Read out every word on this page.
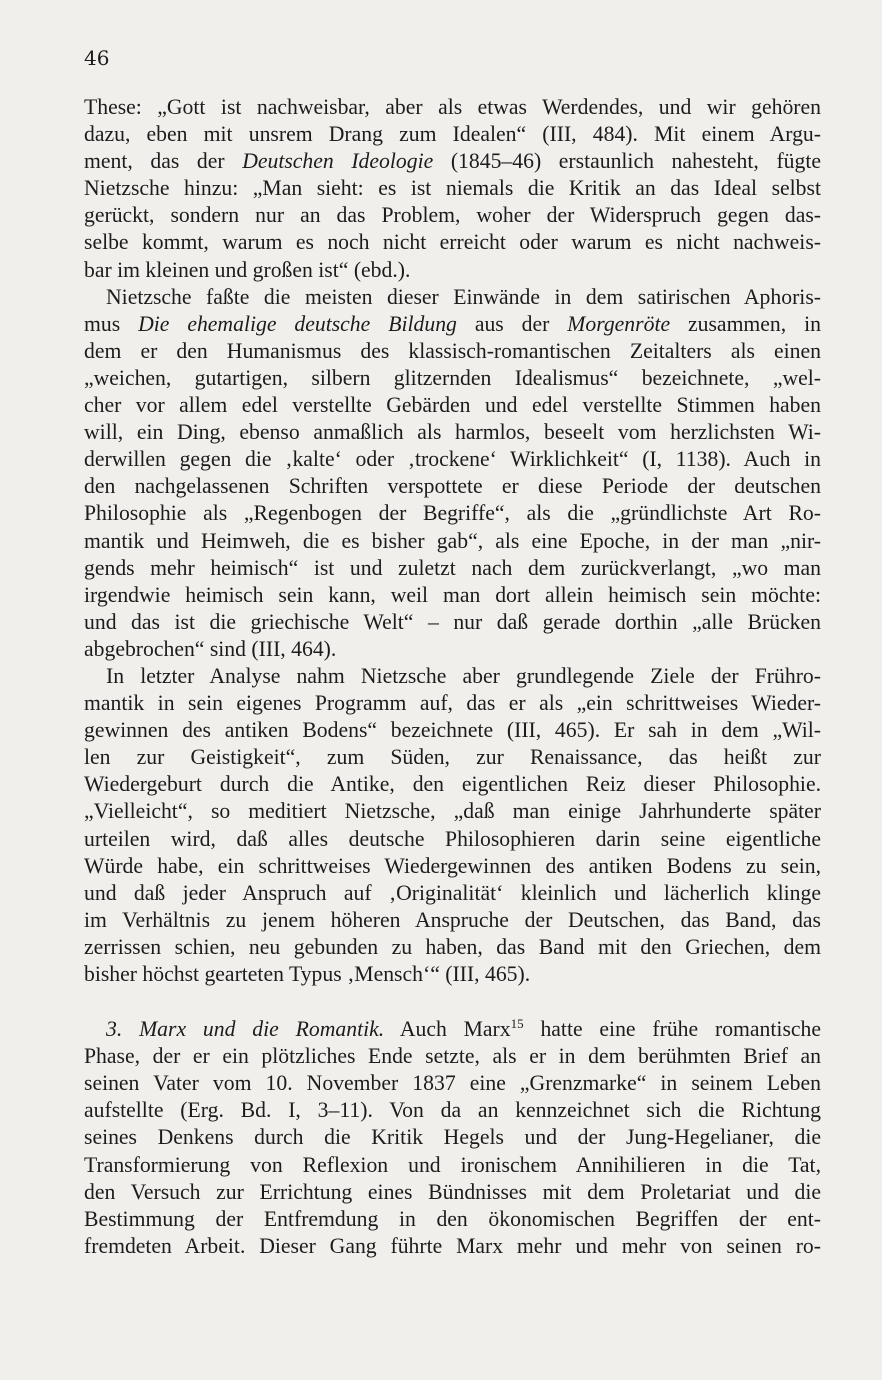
46

These: „Gott ist nachweisbar, aber als etwas Werdendes, und wir gehören
dazu, eben mit unsrem Drang zum Idealen“ (III, 484). Mit einem Argu-
ment, das der Deutschen Ideologie (1845–46) erstaunlich nahesteht, fügte
Nietzsche hinzu: „Man sieht: es ist niemals die Kritik an das Ideal selbst
gerückt, sondern nur an das Problem, woher der Widerspruch gegen das-
selbe kommt, warum es noch nicht erreicht oder warum es nicht nachweis-
bar im kleinen und großen ist“ (ebd.).
Nietzsche faßte die meisten dieser Einwände in dem satirischen Aphoris-
mus Die ehemalige deutsche Bildung aus der Morgenröte zusammen, in
dem er den Humanismus des klassisch-romantischen Zeitalters als einen
„weichen, gutartigen, silbern glitzernden Idealismus“ bezeichnete, „wel-
cher vor allem edel verstellte Gebärden und edel verstellte Stimmen haben
will, ein Ding, ebenso anmaßlich als harmlos, beseelt vom herzlichsten Wi-
derwillen gegen die ‚kalte‘ oder ‚trockene‘ Wirklichkeit“ (I, 1138). Auch in
den nachgelassenen Schriften verspottete er diese Periode der deutschen
Philosophie als „Regenbogen der Begriffe“, als die „gründlichste Art Ro-
mantik und Heimweh, die es bisher gab“, als eine Epoche, in der man „nir-
gends mehr heimisch“ ist und zuletzt nach dem zurückverlangt, „wo man
irgendwie heimisch sein kann, weil man dort allein heimisch sein möchte:
und das ist die griechische Welt“ – nur daß gerade dorthin „alle Brücken
abgebrochen“ sind (III, 464).
In letzter Analyse nahm Nietzsche aber grundlegende Ziele der Frühro-
mantik in sein eigenes Programm auf, das er als „ein schrittweises Wieder-
gewinnen des antiken Bodens“ bezeichnete (III, 465). Er sah in dem „Wil-
len zur Geistigkeit“, zum Süden, zur Renaissance, das heißt zur
Wiedergeburt durch die Antike, den eigentlichen Reiz dieser Philosophie.
„Vielleicht“, so meditiert Nietzsche, „daß man einige Jahrhunderte später
urteilen wird, daß alles deutsche Philosophieren darin seine eigentliche
Würde habe, ein schrittweises Wiedergewinnen des antiken Bodens zu sein,
und daß jeder Anspruch auf ‚Originalität‘ kleinlich und lächerlich klinge
im Verhältnis zu jenem höheren Anspruche der Deutschen, das Band, das
zerrissen schien, neu gebunden zu haben, das Band mit den Griechen, dem
bisher höchst gearteten Typus ‚Mensch‘“ (III, 465).
3. Marx und die Romantik. Auch Marx$^{15}$ hatte eine frühe romantische
Phase, der er ein plötzliches Ende setzte, als er in dem berühmten Brief an
seinen Vater vom 10. November 1837 eine „Grenzmarke“ in seinem Leben
aufstellte (Erg. Bd. I, 3–11). Von da an kennzeichnet sich die Richtung
seines Denkens durch die Kritik Hegels und der Jung-Hegelianer, die
Transformierung von Reflexion und ironischem Annihilieren in die Tat,
den Versuch zur Errichtung eines Bündnisses mit dem Proletariat und die
Bestimmung der Entfremdung in den ökonomischen Begriffen der ent-
fremdeten Arbeit. Dieser Gang führte Marx mehr und mehr von seinen ro-
